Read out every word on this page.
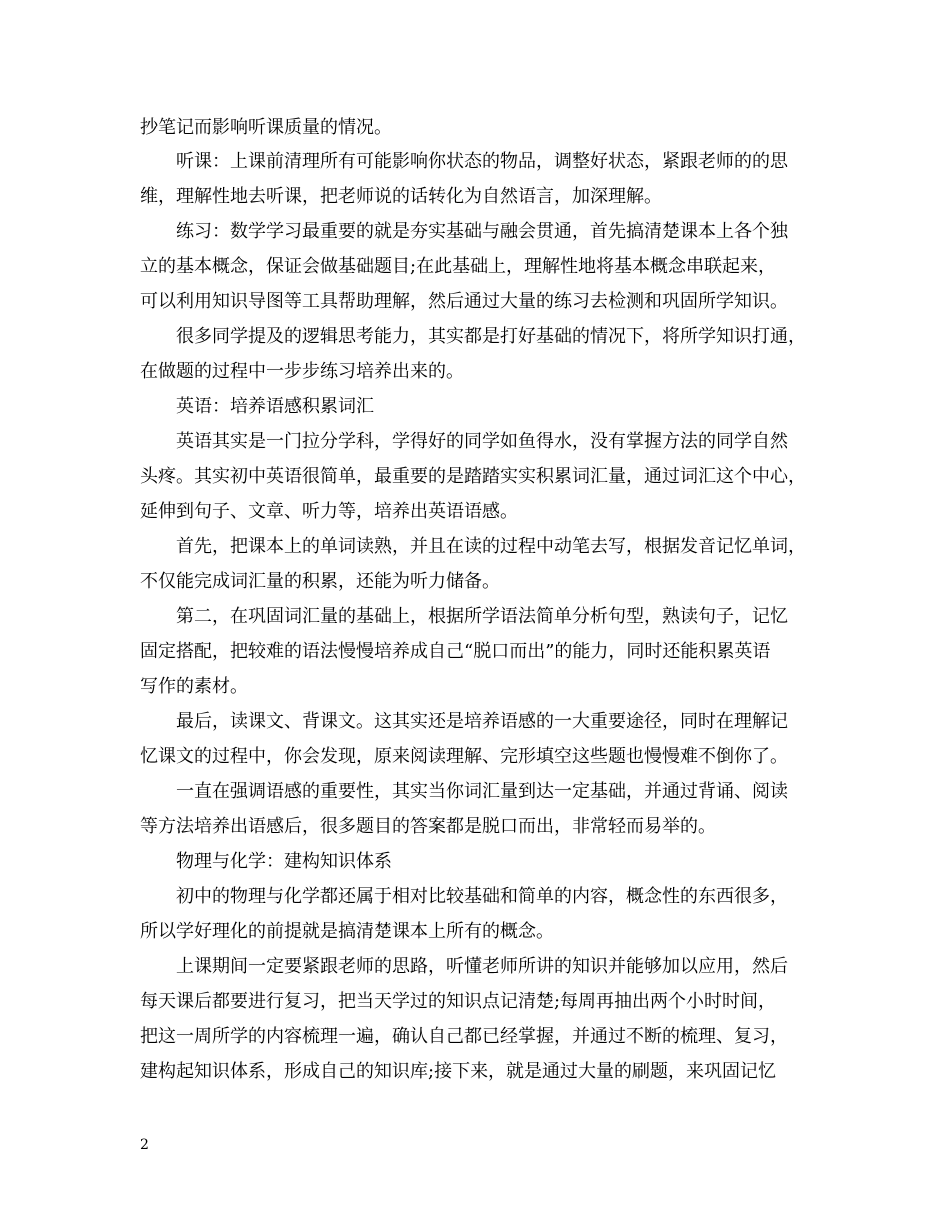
抄笔记而影响听课质量的情况。
听课：上课前清理所有可能影响你状态的物品，调整好状态，紧跟老师的的思
维，理解性地去听课，把老师说的话转化为自然语言，加深理解。
练习：数学学习最重要的就是夯实基础与融会贯通，首先搞清楚课本上各个独
立的基本概念，保证会做基础题目;在此基础上，理解性地将基本概念串联起来，
可以利用知识导图等工具帮助理解，然后通过大量的练习去检测和巩固所学知识。
很多同学提及的逻辑思考能力，其实都是打好基础的情况下，将所学知识打通，
在做题的过程中一步步练习培养出来的。
英语：培养语感积累词汇
英语其实是一门拉分学科，学得好的同学如鱼得水，没有掌握方法的同学自然
头疼。其实初中英语很简单，最重要的是踏踏实实积累词汇量，通过词汇这个中心，
延伸到句子、文章、听力等，培养出英语语感。
首先，把课本上的单词读熟，并且在读的过程中动笔去写，根据发音记忆单词，
不仅能完成词汇量的积累，还能为听力储备。
第二，在巩固词汇量的基础上，根据所学语法简单分析句型，熟读句子，记忆
固定搭配，把较难的语法慢慢培养成自己“脱口而出”的能力，同时还能积累英语
写作的素材。
最后，读课文、背课文。这其实还是培养语感的一大重要途径，同时在理解记
忆课文的过程中，你会发现，原来阅读理解、完形填空这些题也慢慢难不倒你了。
一直在强调语感的重要性，其实当你词汇量到达一定基础，并通过背诵、阅读
等方法培养出语感后，很多题目的答案都是脱口而出，非常轻而易举的。
物理与化学：建构知识体系
初中的物理与化学都还属于相对比较基础和简单的内容，概念性的东西很多，
所以学好理化的前提就是搞清楚课本上所有的概念。
上课期间一定要紧跟老师的思路，听懂老师所讲的知识并能够加以应用，然后
每天课后都要进行复习，把当天学过的知识点记清楚;每周再抽出两个小时时间，
把这一周所学的内容梳理一遍，确认自己都已经掌握，并通过不断的梳理、复习，
建构起知识体系，形成自己的知识库;接下来，就是通过大量的刷题，来巩固记忆
2
